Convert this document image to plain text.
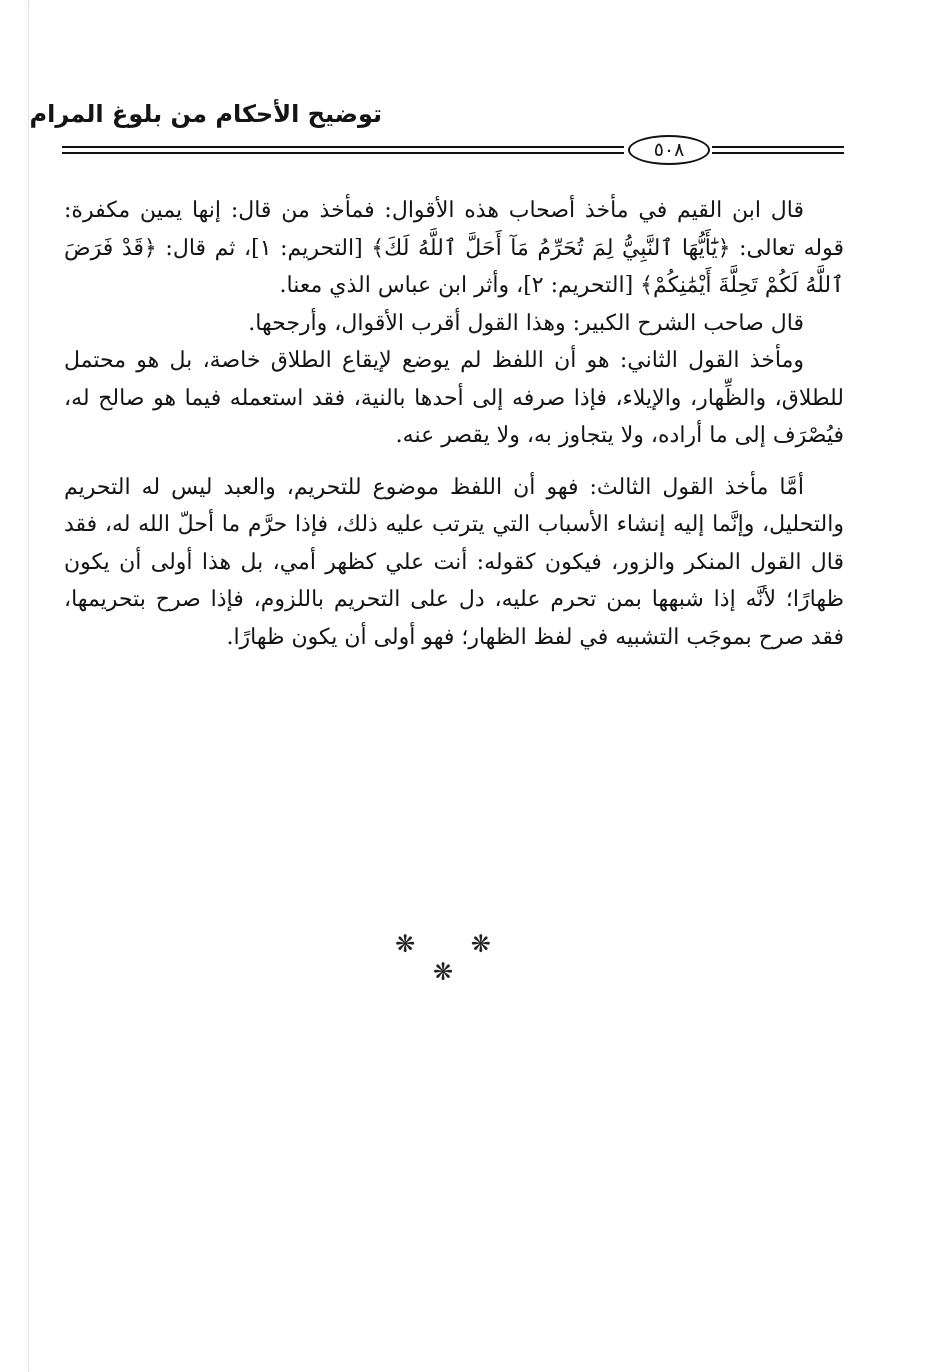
توضيح الأحكام من بلوغ المرام
٥٠٨

قال ابن القيم في مأخذ أصحاب هذه الأقوال: فمأخذ من قال: إنها يمين مكفرة: قوله تعالى: ﴿يَٰٓأَيُّهَا ٱلنَّبِيُّ لِمَ تُحَرِّمُ مَآ أَحَلَّ ٱللَّهُ لَكَ﴾ [التحريم: ١]، ثم قال: ﴿قَدْ فَرَضَ ٱللَّهُ لَكُمْ تَحِلَّةَ أَيْمَٰنِكُمْ﴾ [التحريم: ٢]، وأثر ابن عباس الذي معنا.

قال صاحب الشرح الكبير: وهذا القول أقرب الأقوال، وأرجحها.

ومأخذ القول الثاني: هو أن اللفظ لم يوضع لإيقاع الطلاق خاصة، بل هو محتمل للطلاق، والظِّهار، والإيلاء، فإذا صرفه إلى أحدها بالنية، فقد استعمله فيما هو صالح له، فيُصْرَف إلى ما أراده، ولا يتجاوز به، ولا يقصر عنه.

أمَّا مأخذ القول الثالث: فهو أن اللفظ موضوع للتحريم، والعبد ليس له التحريم والتحليل، وإنَّما إليه إنشاء الأسباب التي يترتب عليه ذلك، فإذا حرَّم ما أحلّ الله له، فقد قال القول المنكر والزور، فيكون كقوله: أنت علي كظهر أمي، بل هذا أولى أن يكون ظهارًا؛ لأنَّه إذا شبهها بمن تحرم عليه، دل على التحريم باللزوم، فإذا صرح بتحريمها، فقد صرح بموجَب التشبيه في لفظ الظهار؛ فهو أولى أن يكون ظهارًا.

❋ ❋ ❋
